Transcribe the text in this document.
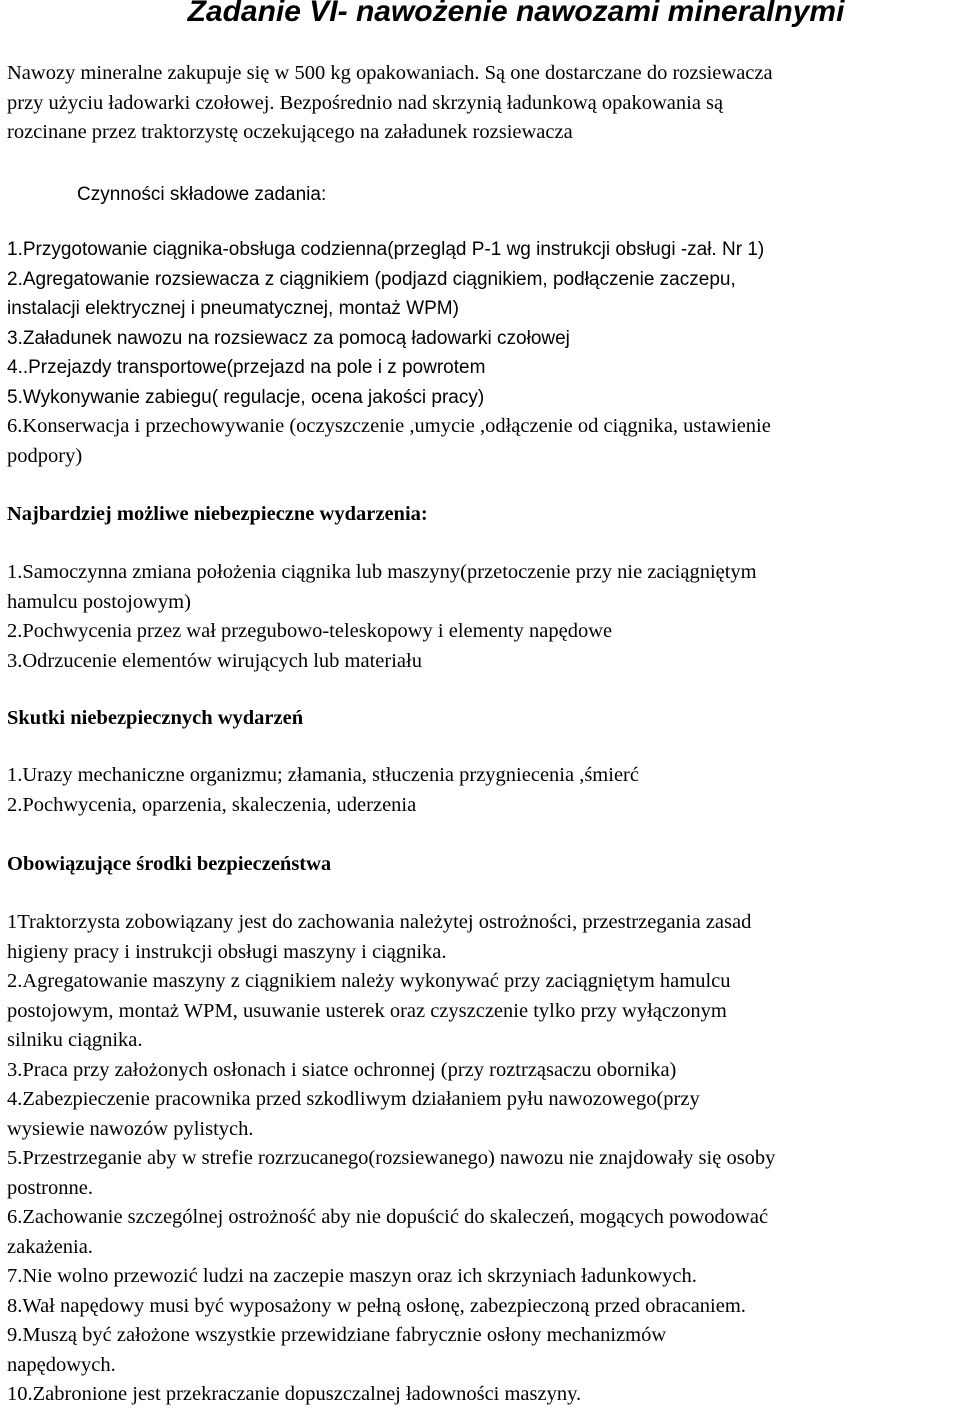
Zadanie VI- nawożenie nawozami mineralnymi
Nawozy mineralne zakupuje się w 500 kg opakowaniach. Są one dostarczane do rozsiewacza
przy użyciu ładowarki czołowej. Bezpośrednio nad skrzynią ładunkową opakowania są
rozcinane przez traktorzystę oczekującego na załadunek rozsiewacza
Czynności składowe zadania:
1.Przygotowanie ciągnika-obsługa codzienna(przegląd P-1 wg instrukcji obsługi -zał. Nr 1)
2.Agregatowanie rozsiewacza z ciągnikiem (podjazd ciągnikiem, podłączenie zaczepu,
instalacji elektrycznej i pneumatycznej, montaż WPM)
3.Załadunek nawozu na rozsiewacz za pomocą ładowarki czołowej
4..Przejazdy transportowe(przejazd na pole i z powrotem
5.Wykonywanie zabiegu( regulacje, ocena jakości pracy)
6.Konserwacja i przechowywanie (oczyszczenie ,umycie ,odłączenie od ciągnika, ustawienie
podpory)
Najbardziej możliwe niebezpieczne wydarzenia:
1.Samoczynna zmiana położenia ciągnika lub maszyny(przetoczenie przy nie zaciągniętym
hamulcu postojowym)
2.Pochwycenia przez wał przegubowo-teleskopowy i elementy napędowe
3.Odrzucenie elementów wirujących lub materiału
Skutki niebezpiecznych wydarzeń
1.Urazy mechaniczne organizmu; złamania, stłuczenia przygniecenia ,śmierć
2.Pochwycenia, oparzenia, skaleczenia, uderzenia
Obowiązujące środki bezpieczeństwa
1Traktorzysta zobowiązany jest do zachowania należytej ostrożności, przestrzegania zasad
higieny pracy i instrukcji obsługi maszyny i ciągnika.
2.Agregatowanie maszyny z ciągnikiem należy wykonywać przy zaciągniętym hamulcu
postojowym, montaż WPM, usuwanie usterek oraz czyszczenie tylko przy wyłączonym
silniku ciągnika.
3.Praca przy założonych osłonach i siatce ochronnej (przy roztrząsaczu obornika)
4.Zabezpieczenie pracownika przed szkodliwym działaniem pyłu nawozowego(przy
wysiewie nawozów pylistych.
5.Przestrzeganie aby w strefie rozrzucanego(rozsiewanego) nawozu nie znajdowały się osoby
postronne.
6.Zachowanie szczególnej ostrożność aby nie dopuścić do skaleczeń, mogących powodować
zakażenia.
7.Nie wolno przewozić ludzi na zaczepie maszyn oraz ich skrzyniach ładunkowych.
8.Wał napędowy musi być wyposażony w pełną osłonę, zabezpieczoną przed obracaniem.
9.Muszą być założone wszystkie przewidziane fabrycznie osłony mechanizmów
napędowych.
10.Zabronione jest przekraczanie dopuszczalnej ładowności maszyny.
